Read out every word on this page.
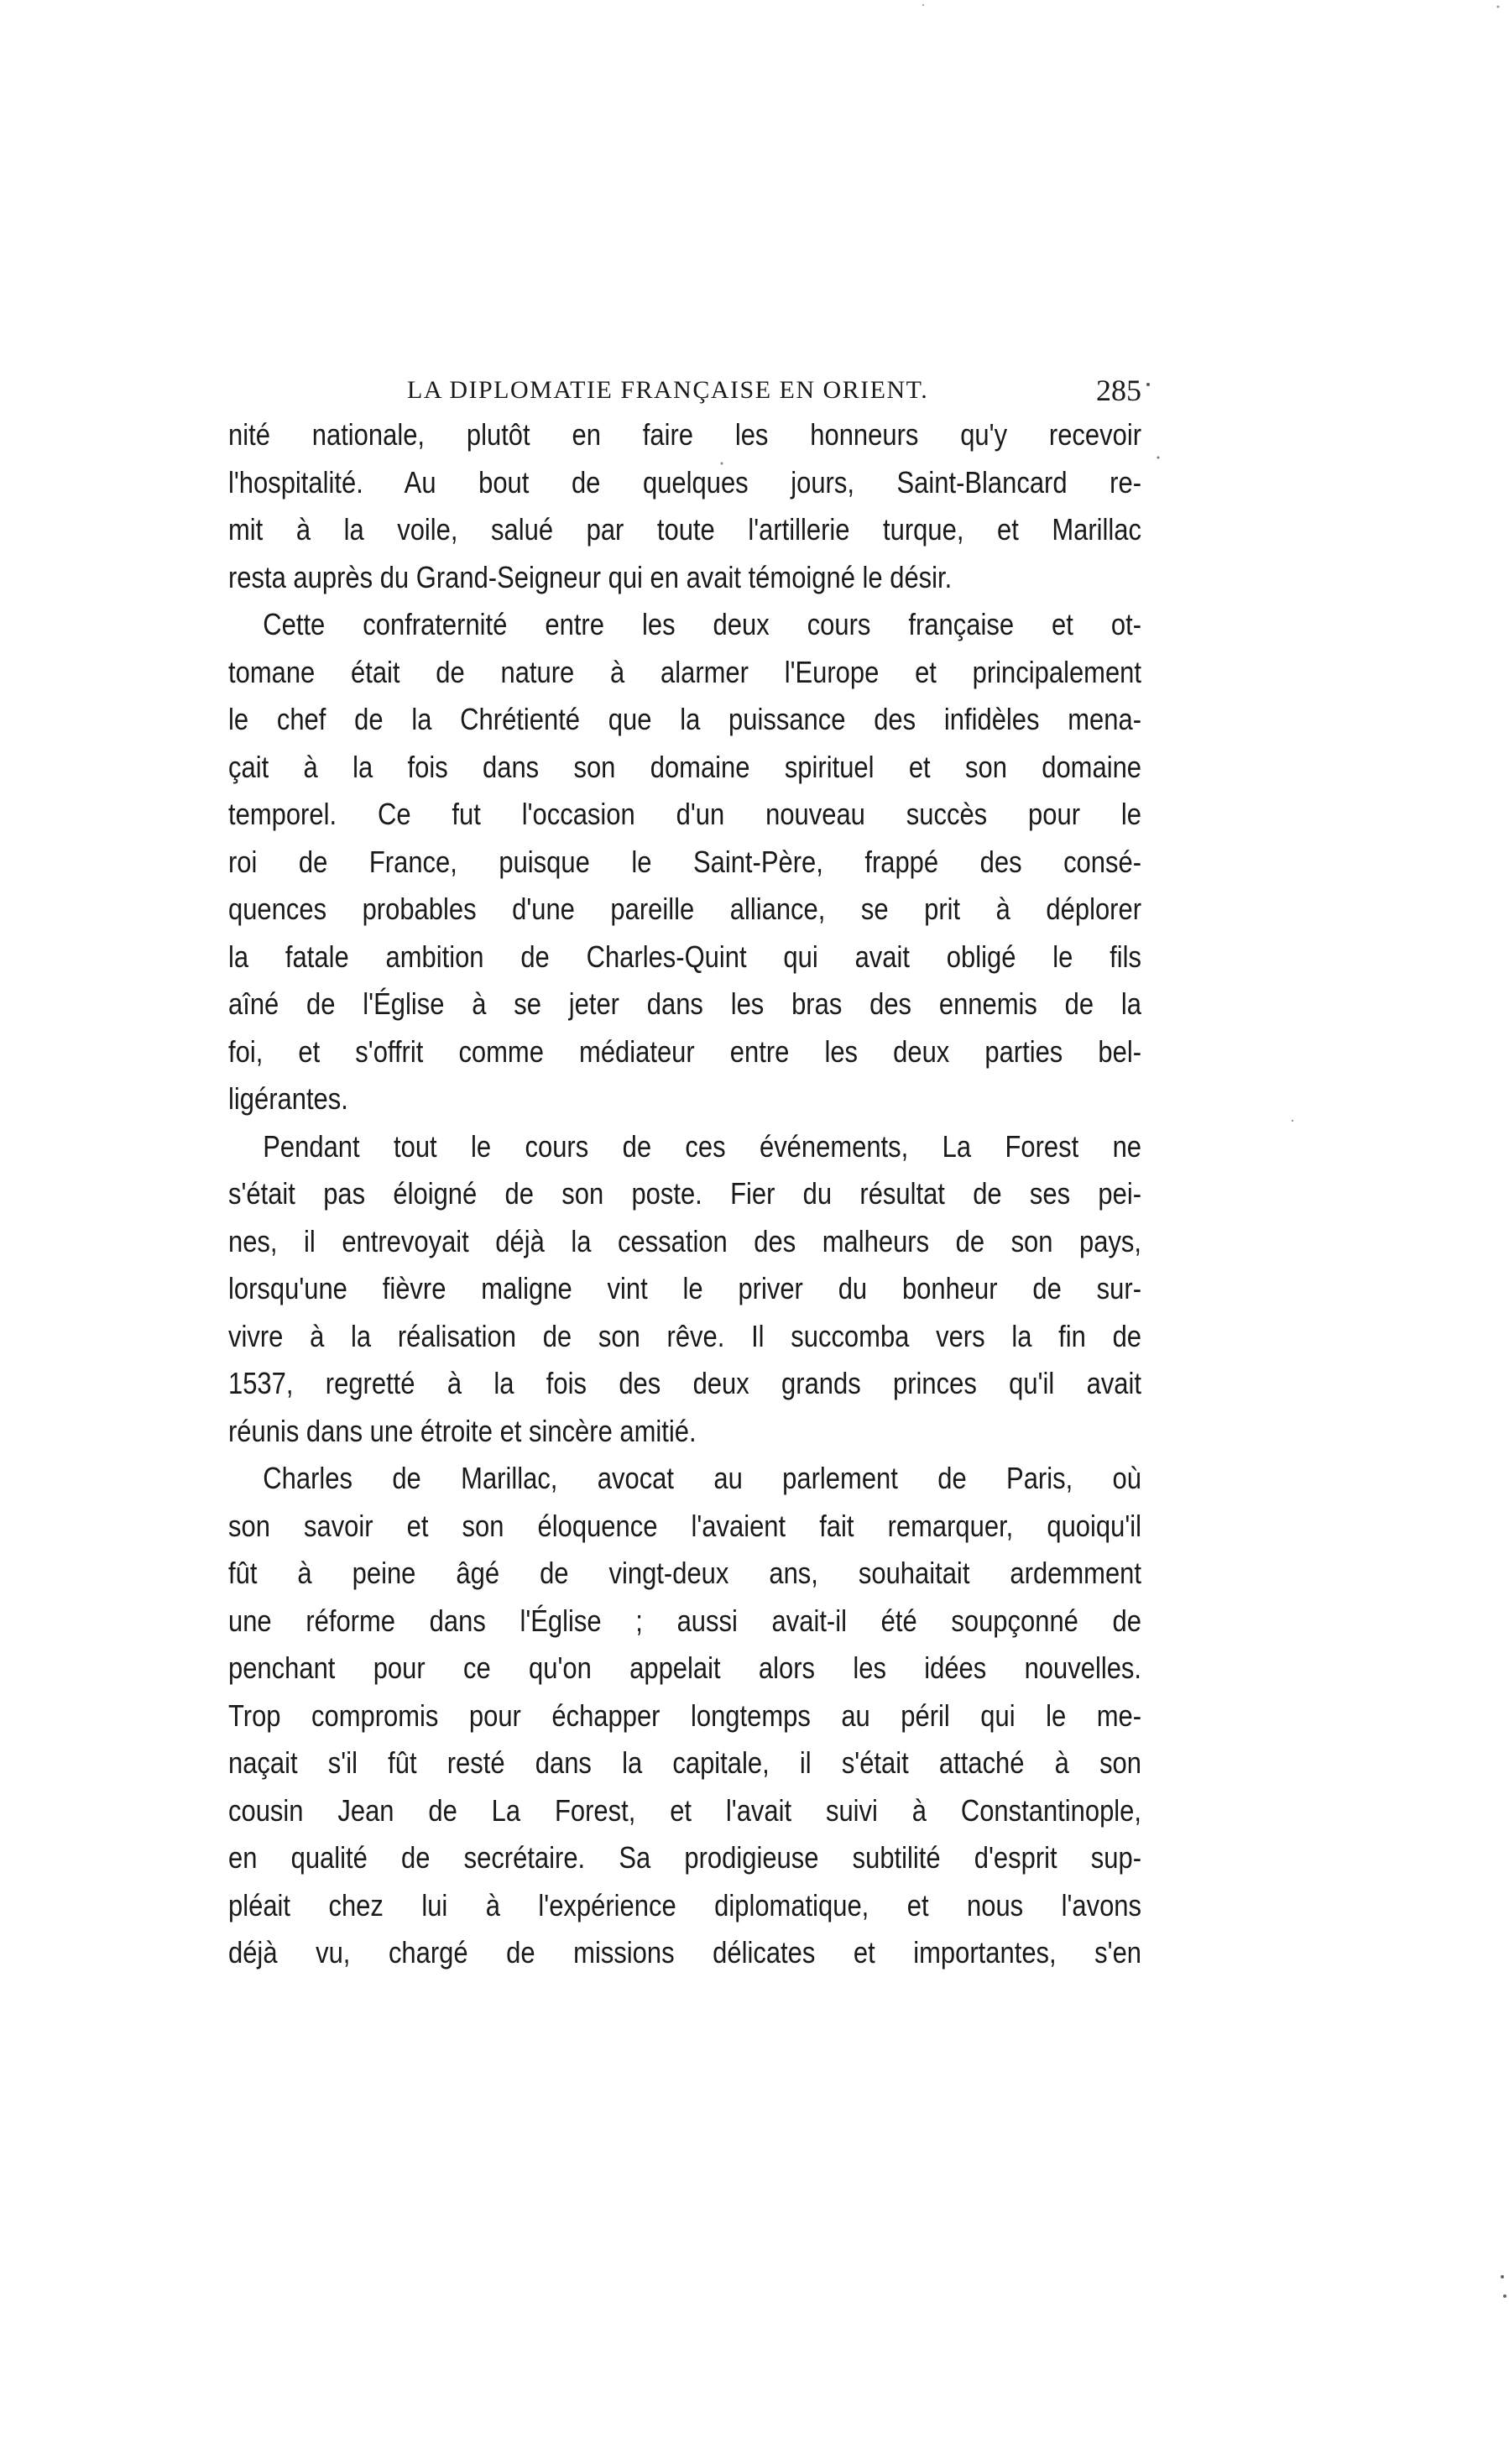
LA DIPLOMATIE FRANÇAISE EN ORIENT.	285
nité nationale, plutôt en faire les honneurs qu'y recevoir
l'hospitalité. Au bout de quelques jours, Saint-Blancard re-
mit à la voile, salué par toute l'artillerie turque, et Marillac
resta auprès du Grand-Seigneur qui en avait témoigné le désir.
Cette confraternité entre les deux cours française et ot-
tomane était de nature à alarmer l'Europe et principalement
le chef de la Chrétienté que la puissance des infidèles mena-
çait à la fois dans son domaine spirituel et son domaine
temporel. Ce fut l'occasion d'un nouveau succès pour le
roi de France, puisque le Saint-Père, frappé des consé-
quences probables d'une pareille alliance, se prit à déplorer
la fatale ambition de Charles-Quint qui avait obligé le fils
aîné de l'Église à se jeter dans les bras des ennemis de la
foi, et s'offrit comme médiateur entre les deux parties bel-
ligérantes.
Pendant tout le cours de ces événements, La Forest ne
s'était pas éloigné de son poste. Fier du résultat de ses pei-
nes, il entrevoyait déjà la cessation des malheurs de son pays,
lorsqu'une fièvre maligne vint le priver du bonheur de sur-
vivre à la réalisation de son rêve. Il succomba vers la fin de
1537, regretté à la fois des deux grands princes qu'il avait
réunis dans une étroite et sincère amitié.
Charles de Marillac, avocat au parlement de Paris, où
son savoir et son éloquence l'avaient fait remarquer, quoiqu'il
fût à peine âgé de vingt-deux ans, souhaitait ardemment
une réforme dans l'Église ; aussi avait-il été soupçonné de
penchant pour ce qu'on appelait alors les idées nouvelles.
Trop compromis pour échapper longtemps au péril qui le me-
naçait s'il fût resté dans la capitale, il s'était attaché à son
cousin Jean de La Forest, et l'avait suivi à Constantinople,
en qualité de secrétaire. Sa prodigieuse subtilité d'esprit sup-
pléait chez lui à l'expérience diplomatique, et nous l'avons
déjà vu, chargé de missions délicates et importantes, s'en
